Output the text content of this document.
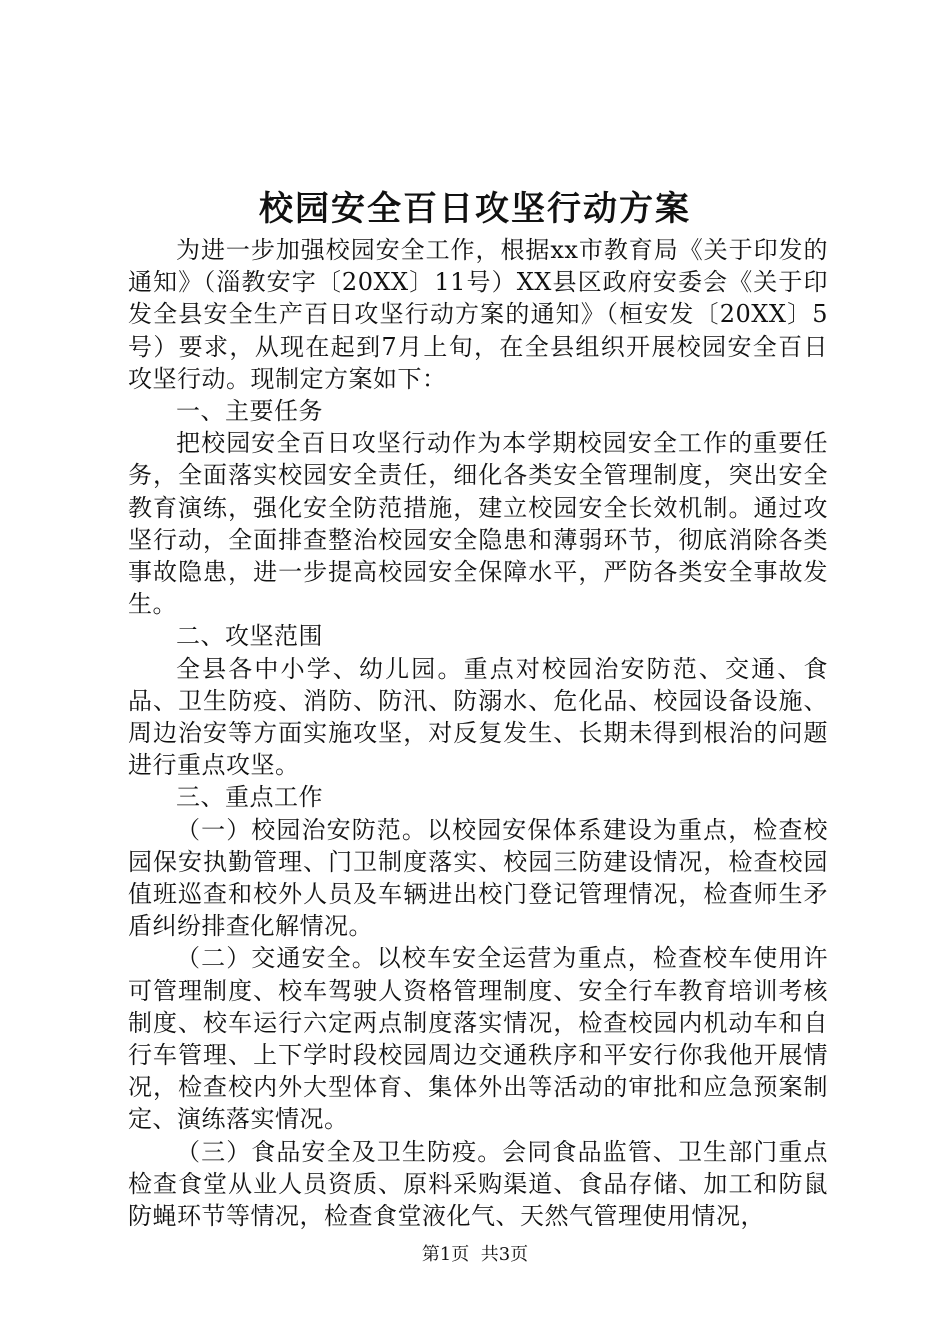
校园安全百日攻坚行动方案

为进一步加强校园安全工作，根据xx市教育局《关于印发的通知》（淄教安字〔20XX〕11号）XX县区政府安委会《关于印发全县安全生产百日攻坚行动方案的通知》（桓安发〔20XX〕5号）要求，从现在起到7月上旬，在全县组织开展校园安全百日攻坚行动。现制定方案如下：

一、主要任务

把校园安全百日攻坚行动作为本学期校园安全工作的重要任务，全面落实校园安全责任，细化各类安全管理制度，突出安全教育演练，强化安全防范措施，建立校园安全长效机制。通过攻坚行动，全面排查整治校园安全隐患和薄弱环节，彻底消除各类事故隐患，进一步提高校园安全保障水平，严防各类安全事故发生。

二、攻坚范围

全县各中小学、幼儿园。重点对校园治安防范、交通、食品、卫生防疫、消防、防汛、防溺水、危化品、校园设备设施、周边治安等方面实施攻坚，对反复发生、长期未得到根治的问题进行重点攻坚。

三、重点工作

（一）校园治安防范。以校园安保体系建设为重点，检查校园保安执勤管理、门卫制度落实、校园三防建设情况，检查校园值班巡查和校外人员及车辆进出校门登记管理情况，检查师生矛盾纠纷排查化解情况。

（二）交通安全。以校车安全运营为重点，检查校车使用许可管理制度、校车驾驶人资格管理制度、安全行车教育培训考核制度、校车运行六定两点制度落实情况，检查校园内机动车和自行车管理、上下学时段校园周边交通秩序和平安行你我他开展情况，检查校内外大型体育、集体外出等活动的审批和应急预案制定、演练落实情况。

（三）食品安全及卫生防疫。会同食品监管、卫生部门重点检查食堂从业人员资质、原料采购渠道、食品存储、加工和防鼠防蝇环节等情况，检查食堂液化气、天然气管理使用情况，

第1页  共3页
